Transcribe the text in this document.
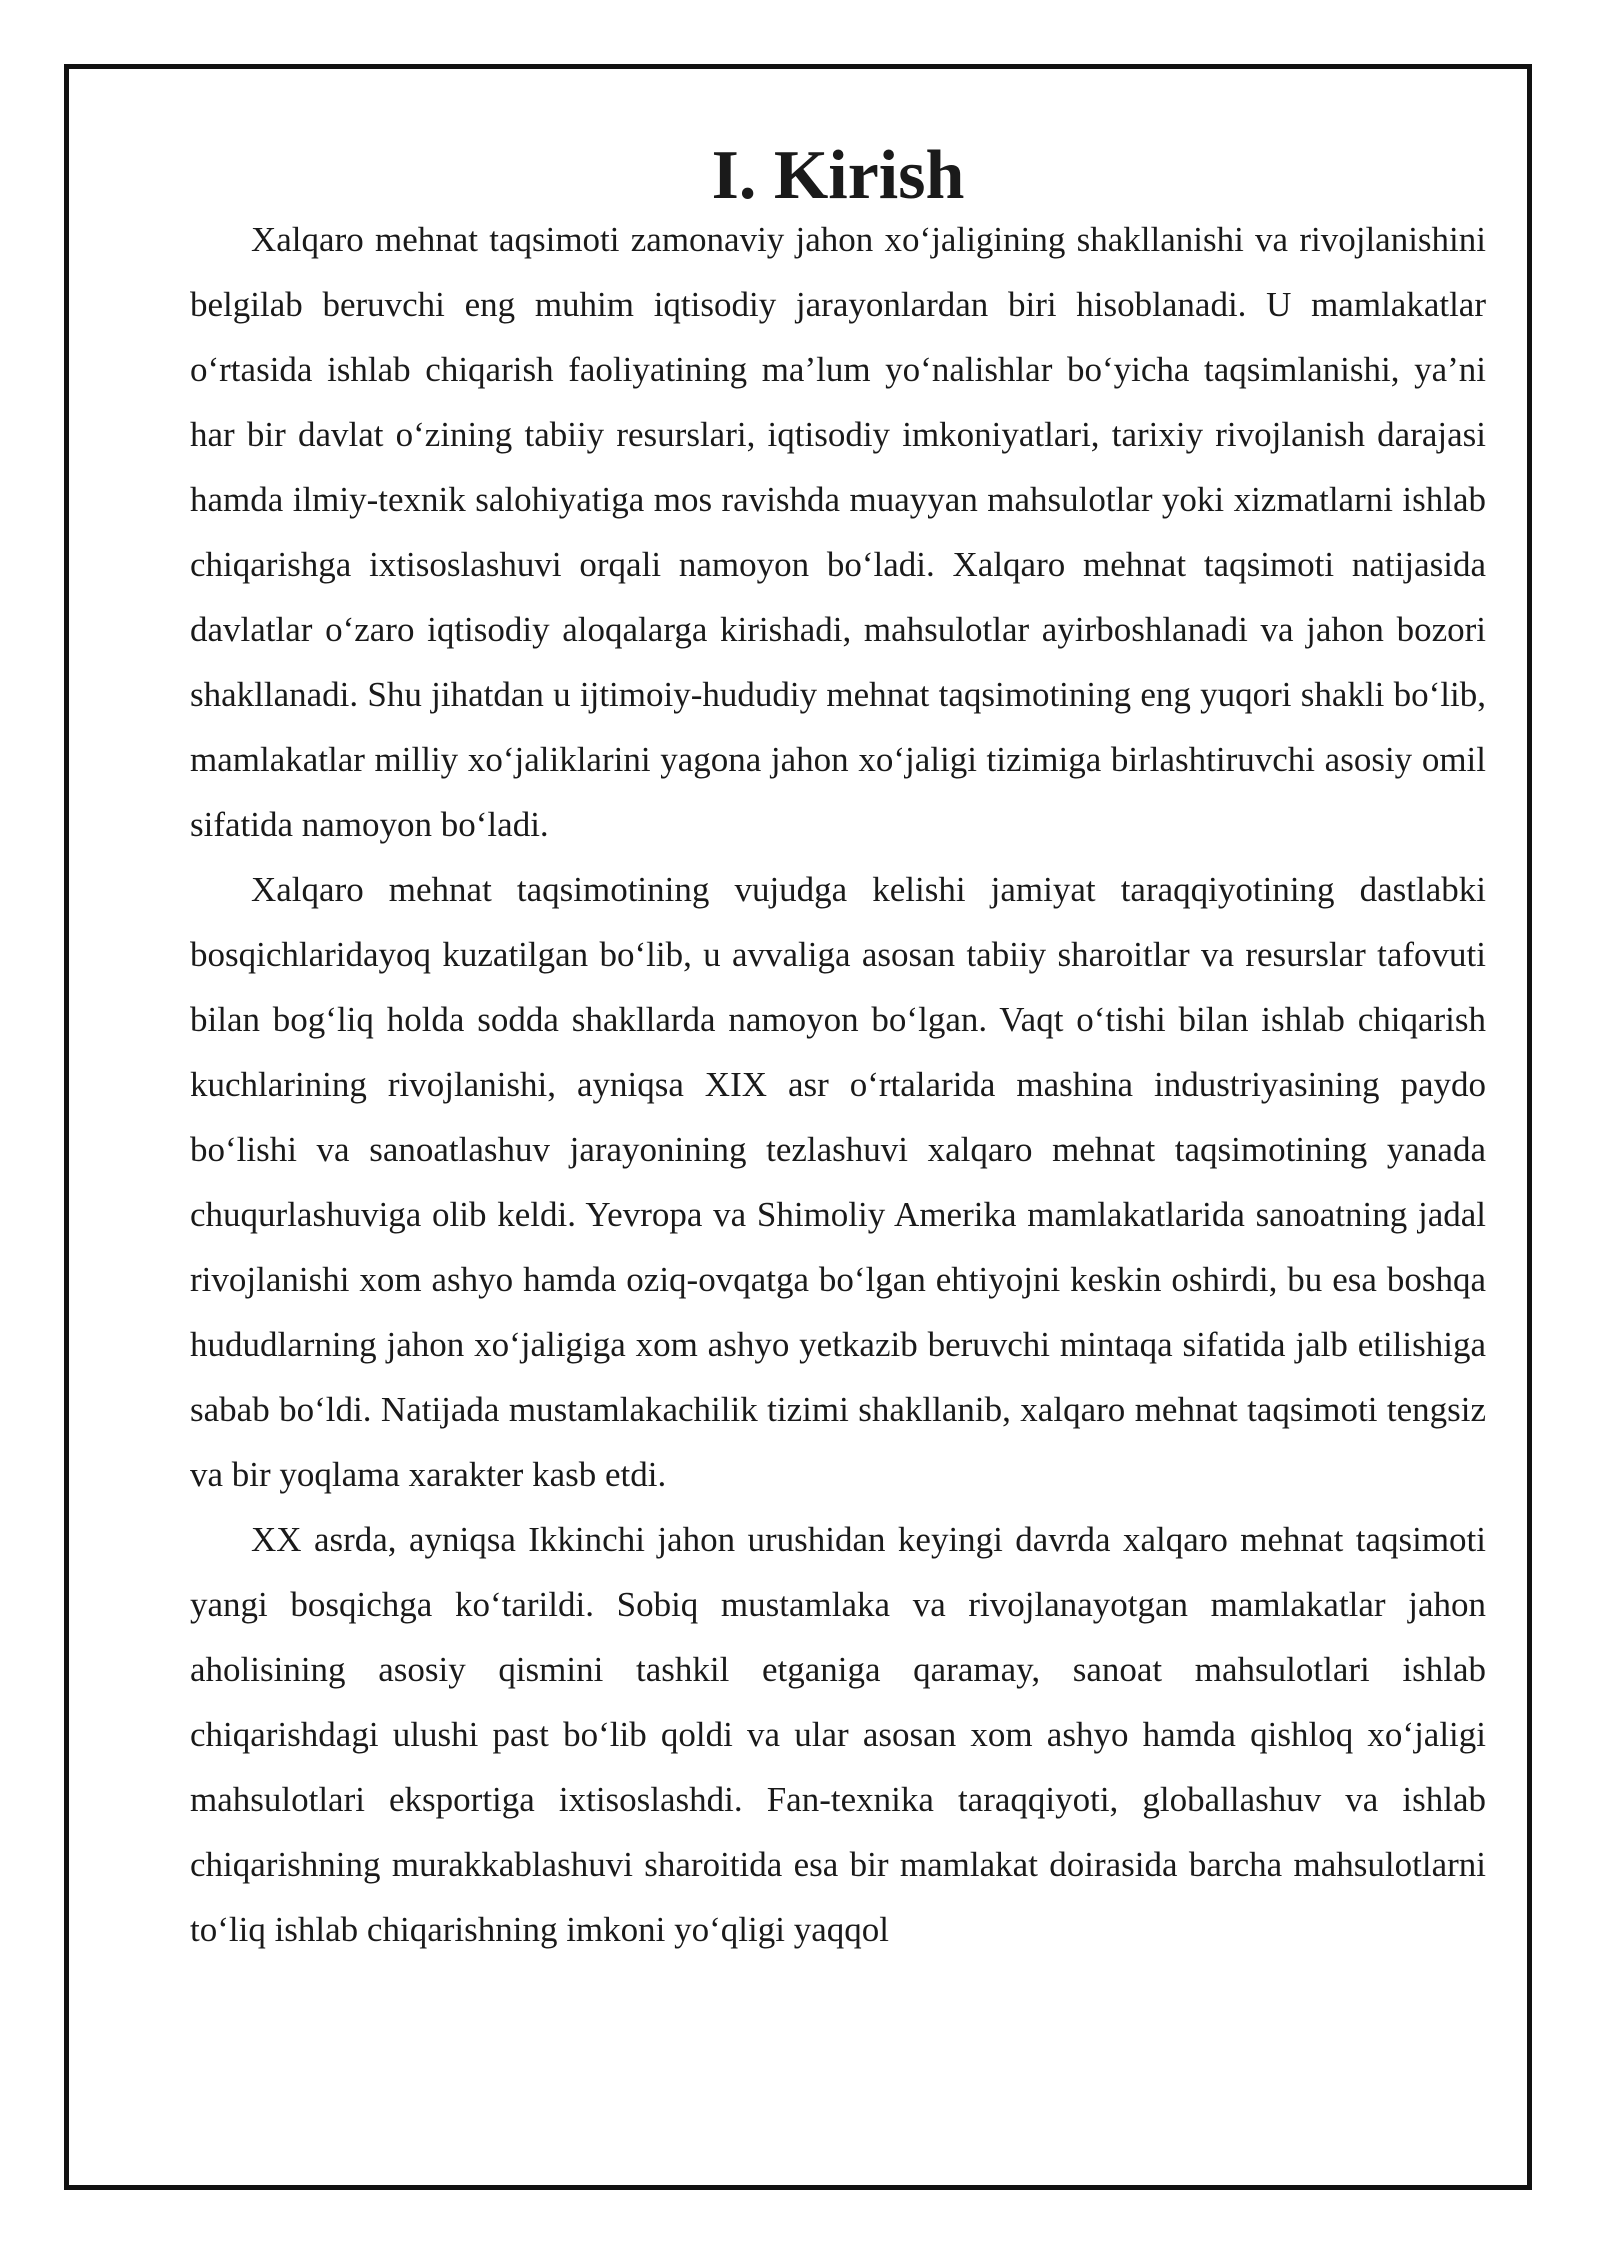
I. Kirish

Xalqaro mehnat taqsimoti zamonaviy jahon xo‘jaligining shakllanishi va rivojlanishini belgilab beruvchi eng muhim iqtisodiy jarayonlardan biri hisoblanadi. U mamlakatlar o‘rtasida ishlab chiqarish faoliyatining ma’lum yo‘nalishlar bo‘yicha taqsimlanishi, ya’ni har bir davlat o‘zining tabiiy resurslari, iqtisodiy imkoniyatlari, tarixiy rivojlanish darajasi hamda ilmiy-texnik salohiyatiga mos ravishda muayyan mahsulotlar yoki xizmatlarni ishlab chiqarishga ixtisoslashuvi orqali namoyon bo‘ladi. Xalqaro mehnat taqsimoti natijasida davlatlar o‘zaro iqtisodiy aloqalarga kirishadi, mahsulotlar ayirboshlanadi va jahon bozori shakllanadi. Shu jihatdan u ijtimoiy-hududiy mehnat taqsimotining eng yuqori shakli bo‘lib, mamlakatlar milliy xo‘jaliklarini yagona jahon xo‘jaligi tizimiga birlashtiruvchi asosiy omil sifatida namoyon bo‘ladi.

Xalqaro mehnat taqsimotining vujudga kelishi jamiyat taraqqiyotining dastlabki bosqichlaridayoq kuzatilgan bo‘lib, u avvaliga asosan tabiiy sharoitlar va resurslar tafovuti bilan bog‘liq holda sodda shakllarda namoyon bo‘lgan. Vaqt o‘tishi bilan ishlab chiqarish kuchlarining rivojlanishi, ayniqsa XIX asr o‘rtalarida mashina industriyasining paydo bo‘lishi va sanoatlashuv jarayonining tezlashuvi xalqaro mehnat taqsimotining yanada chuqurlashuviga olib keldi. Yevropa va Shimoliy Amerika mamlakatlarida sanoatning jadal rivojlanishi xom ashyo hamda oziq-ovqatga bo‘lgan ehtiyojni keskin oshirdi, bu esa boshqa hududlarning jahon xo‘jaligiga xom ashyo yetkazib beruvchi mintaqa sifatida jalb etilishiga sabab bo‘ldi. Natijada mustamlakachilik tizimi shakllanib, xalqaro mehnat taqsimoti tengsiz va bir yoqlama xarakter kasb etdi.

XX asrda, ayniqsa Ikkinchi jahon urushidan keyingi davrda xalqaro mehnat taqsimoti yangi bosqichga ko‘tarildi. Sobiq mustamlaka va rivojlanayotgan mamlakatlar jahon aholisining asosiy qismini tashkil etganiga qaramay, sanoat mahsulotlari ishlab chiqarishdagi ulushi past bo‘lib qoldi va ular asosan xom ashyo hamda qishloq xo‘jaligi mahsulotlari eksportiga ixtisoslashdi. Fan-texnika taraqqiyoti, globallashuv va ishlab chiqarishning murakkablashuvi sharoitida esa bir mamlakat doirasida barcha mahsulotlarni to‘liq ishlab chiqarishning imkoni yo‘qligi yaqqol
